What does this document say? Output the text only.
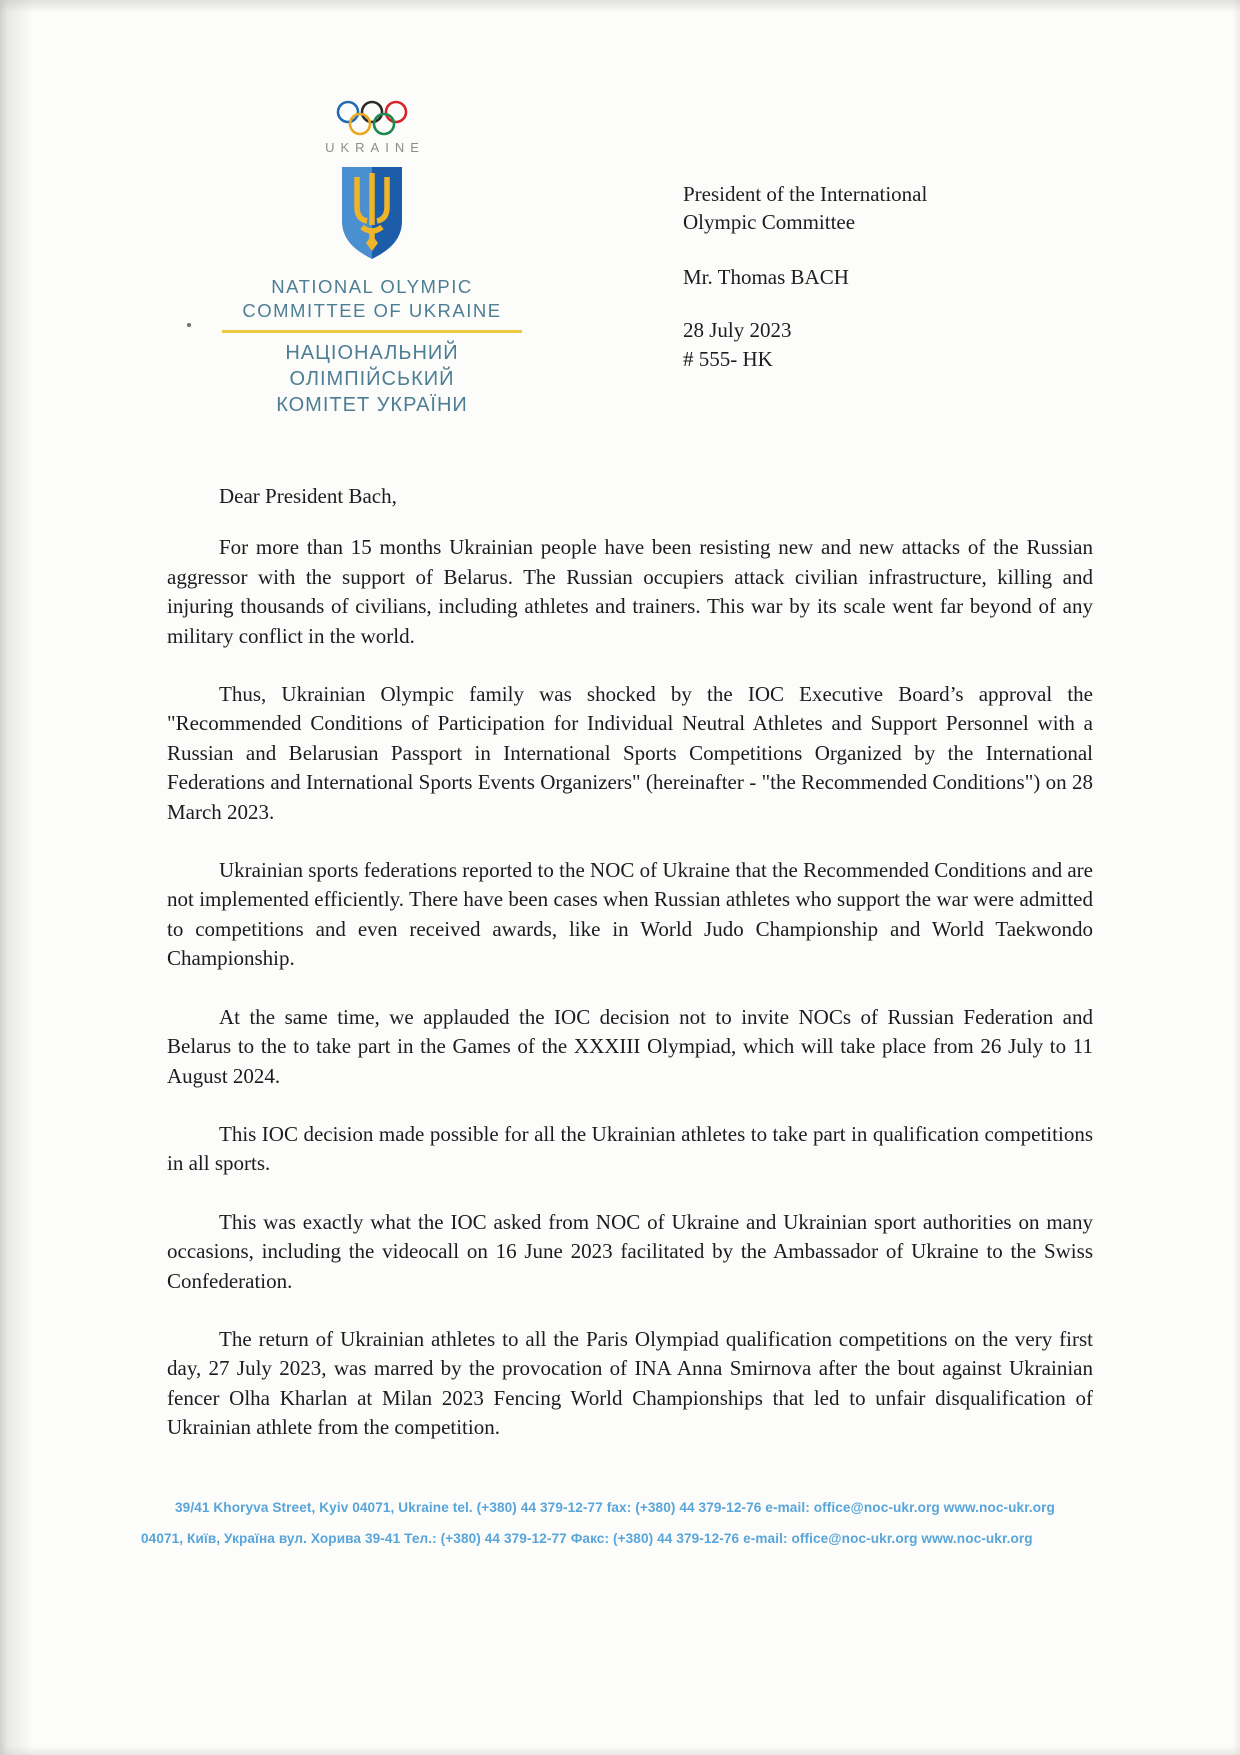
UKRAINE
NATIONAL OLYMPIC
COMMITTEE OF UKRAINE
НАЦІОНАЛЬНИЙ ОЛІМПІЙСЬКИЙ
КОМІТЕТ УКРАЇНИ
President of the International
Olympic Committee
Mr. Thomas BACH
28 July 2023
# 555- HK
Dear President Bach,

For more than 15 months Ukrainian people have been resisting new and new attacks of the Russian aggressor with the support of Belarus. The Russian occupiers attack civilian infrastructure, killing and injuring thousands of civilians, including athletes and trainers. This war by its scale went far beyond of any military conflict in the world.

Thus, Ukrainian Olympic family was shocked by the IOC Executive Board’s approval the "Recommended Conditions of Participation for Individual Neutral Athletes and Support Personnel with a Russian and Belarusian Passport in International Sports Competitions Organized by the International Federations and International Sports Events Organizers" (hereinafter - "the Recommended Conditions") on 28 March 2023.

Ukrainian sports federations reported to the NOC of Ukraine that the Recommended Conditions and are not implemented efficiently. There have been cases when Russian athletes who support the war were admitted to competitions and even received awards, like in World Judo Championship and World Taekwondo Championship.

At the same time, we applauded the IOC decision not to invite NOCs of Russian Federation and Belarus to the to take part in the Games of the XXXIII Olympiad, which will take place from 26 July to 11 August 2024.

This IOC decision made possible for all the Ukrainian athletes to take part in qualification competitions in all sports.

This was exactly what the IOC asked from NOC of Ukraine and Ukrainian sport authorities on many occasions, including the videocall on 16 June 2023 facilitated by the Ambassador of Ukraine to the Swiss Confederation.

The return of Ukrainian athletes to all the Paris Olympiad qualification competitions on the very first day, 27 July 2023, was marred by the provocation of INA Anna Smirnova after the bout against Ukrainian fencer Olha Kharlan at Milan 2023 Fencing World Championships that led to unfair disqualification of Ukrainian athlete from the competition.

39/41 Khoryva Street, Kyiv 04071, Ukraine tel. (+380) 44 379-12-77 fax: (+380) 44 379-12-76 e-mail: office@noc-ukr.org www.noc-ukr.org
04071, Київ, Україна вул. Хорива 39-41 Тел.: (+380) 44 379-12-77 Факс: (+380) 44 379-12-76 e-mail: office@noc-ukr.org www.noc-ukr.org
